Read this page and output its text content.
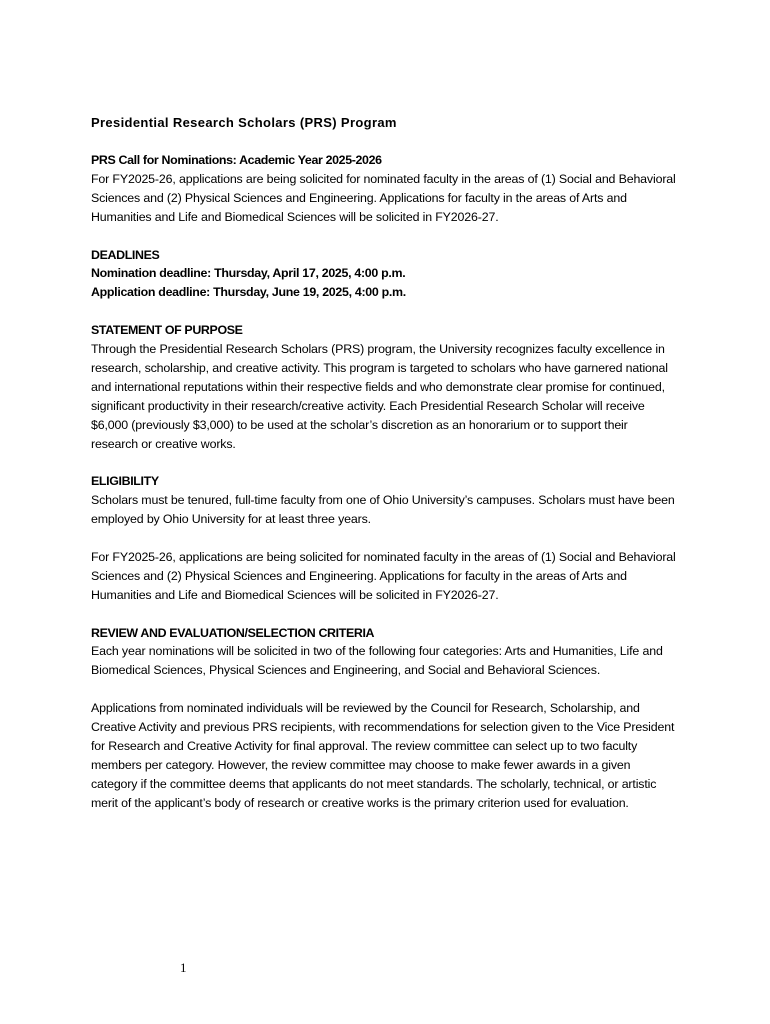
Presidential Research Scholars (PRS) Program

PRS Call for Nominations: Academic Year 2025-2026

For FY2025-26, applications are being solicited for nominated faculty in the areas of (1) Social and Behavioral Sciences and (2) Physical Sciences and Engineering. Applications for faculty in the areas of Arts and Humanities and Life and Biomedical Sciences will be solicited in FY2026-27.

DEADLINES

Nomination deadline: Thursday, April 17, 2025, 4:00 p.m.

Application deadline: Thursday, June 19, 2025, 4:00 p.m.

STATEMENT OF PURPOSE

Through the Presidential Research Scholars (PRS) program, the University recognizes faculty excellence in research, scholarship, and creative activity. This program is targeted to scholars who have garnered national and international reputations within their respective fields and who demonstrate clear promise for continued, significant productivity in their research/creative activity. Each Presidential Research Scholar will receive $6,000 (previously $3,000) to be used at the scholar’s discretion as an honorarium or to support their research or creative works.

ELIGIBILITY

Scholars must be tenured, full-time faculty from one of Ohio University’s campuses. Scholars must have been employed by Ohio University for at least three years.

For FY2025-26, applications are being solicited for nominated faculty in the areas of (1) Social and Behavioral Sciences and (2) Physical Sciences and Engineering. Applications for faculty in the areas of Arts and Humanities and Life and Biomedical Sciences will be solicited in FY2026-27.

REVIEW AND EVALUATION/SELECTION CRITERIA

Each year nominations will be solicited in two of the following four categories: Arts and Humanities, Life and Biomedical Sciences, Physical Sciences and Engineering, and Social and Behavioral Sciences.

Applications from nominated individuals will be reviewed by the Council for Research, Scholarship, and Creative Activity and previous PRS recipients, with recommendations for selection given to the Vice President for Research and Creative Activity for final approval. The review committee can select up to two faculty members per category. However, the review committee may choose to make fewer awards in a given category if the committee deems that applicants do not meet standards. The scholarly, technical, or artistic merit of the applicant’s body of research or creative works is the primary criterion used for evaluation.

1
